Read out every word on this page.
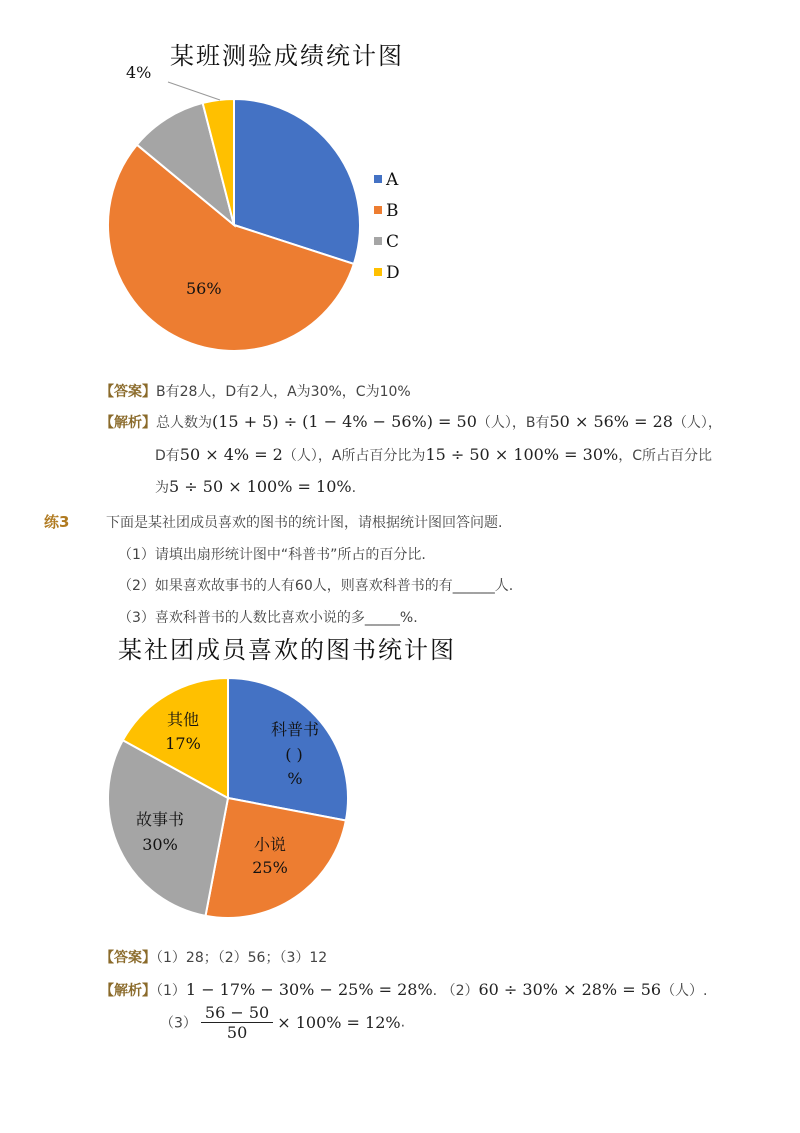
某班测验成绩统计图
4%
56%
A
B
C
D
【答案】B有28人，D有2人，A为30%，C为10%
【解析】总人数为(15 + 5) ÷ (1 − 4% − 56%) = 50（人），B有50 × 56% = 28（人），
D有50 × 4% = 2（人），A所占百分比为15 ÷ 50 × 100% = 30%，C所占百分比
为5 ÷ 50 × 100% = 10%.
练3	下面是某社团成员喜欢的图书的统计图，请根据统计图回答问题.
（1）请填出扇形统计图中“科普书”所占的百分比.
（2）如果喜欢故事书的人有60人，则喜欢科普书的有______人.
（3）喜欢科普书的人数比喜欢小说的多_____%.
某社团成员喜欢的图书统计图
科普书
( )
%
小说
25%
故事书
30%
其他
17%
【答案】（1）28；（2）56；（3）12
【解析】（1）1 − 17% − 30% − 25% = 28%. （2）60 ÷ 30% × 28% = 56（人）.
$(3) \frac{56 - 50}{50} \times 100\% = 12\%$.
